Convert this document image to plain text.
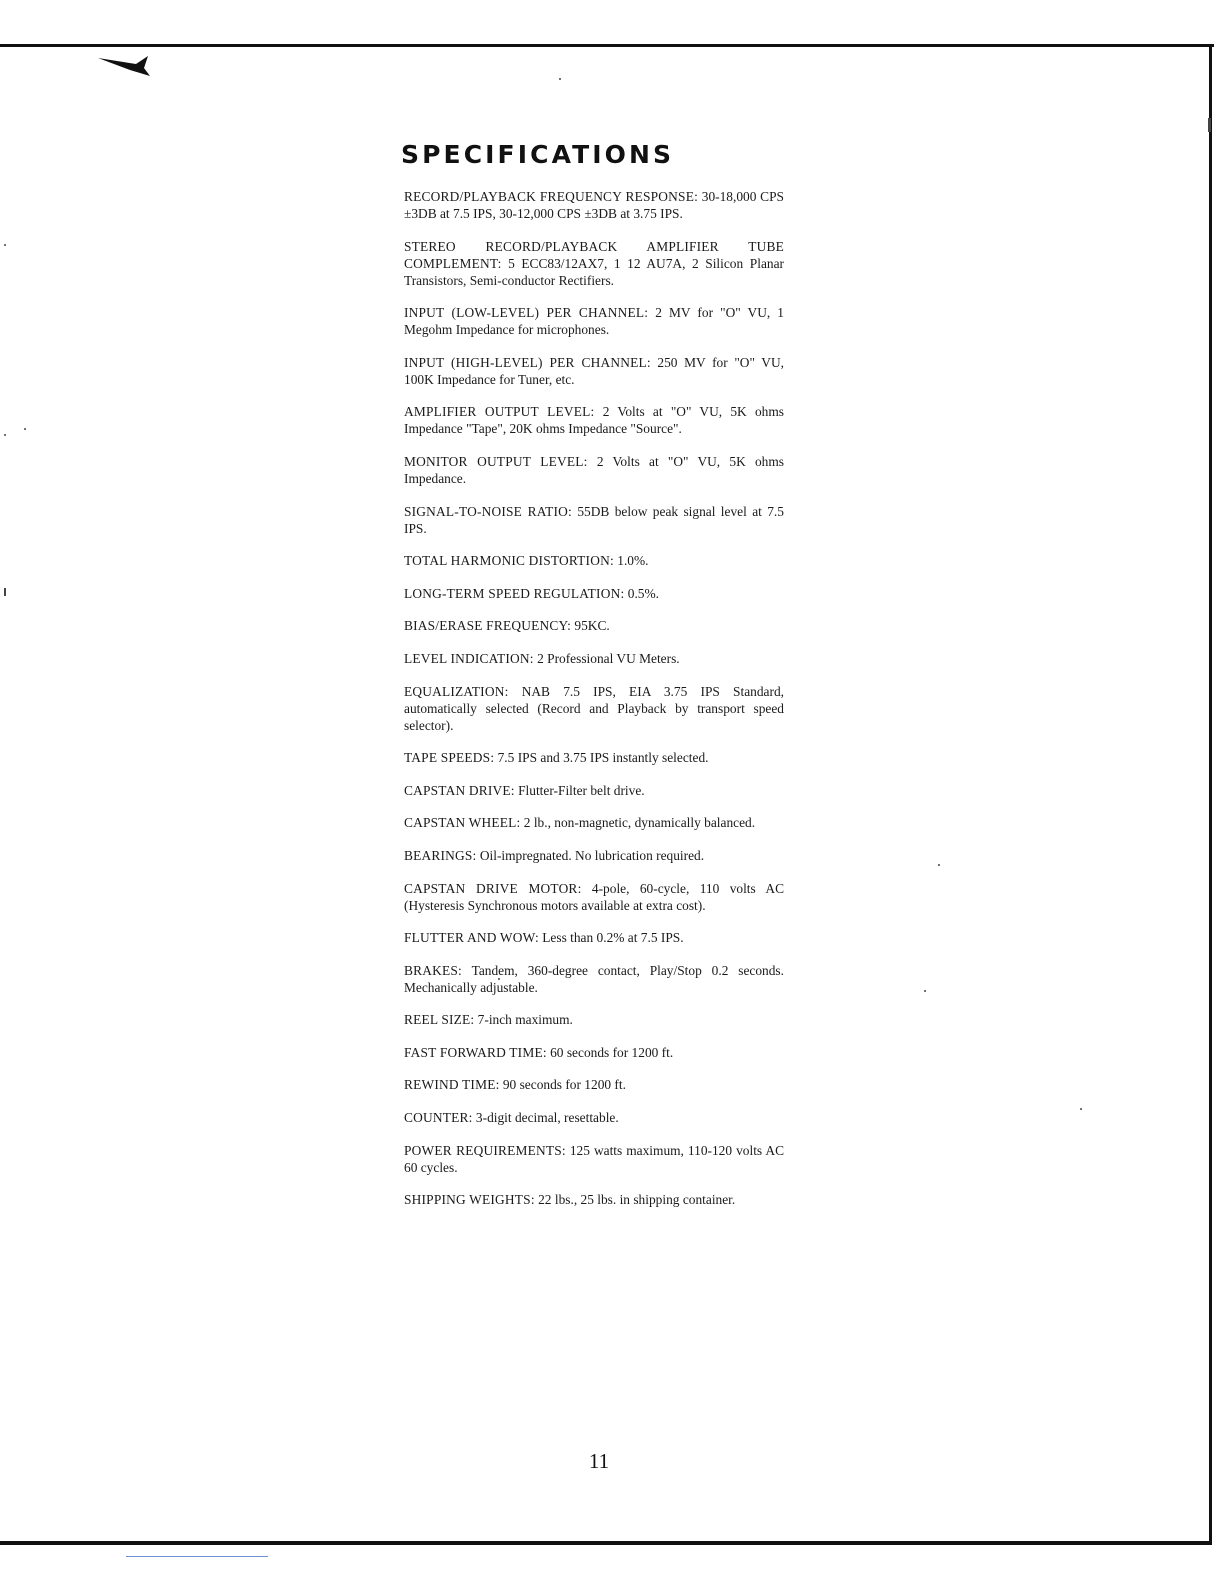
SPECIFICATIONS
RECORD/PLAYBACK FREQUENCY RESPONSE: 30-18,000 CPS ±3DB at 7.5 IPS, 30-12,000 CPS ±3DB at 3.75 IPS.
STEREO RECORD/PLAYBACK AMPLIFIER TUBE COMPLEMENT: 5 ECC83/12AX7, 1 12 AU7A, 2 Silicon Planar Transistors, Semi-conductor Rectifiers.
INPUT (LOW-LEVEL) PER CHANNEL: 2 MV for "O" VU, 1 Megohm Impedance for microphones.
INPUT (HIGH-LEVEL) PER CHANNEL: 250 MV for "O" VU, 100K Impedance for Tuner, etc.
AMPLIFIER OUTPUT LEVEL: 2 Volts at "O" VU, 5K ohms Impedance "Tape", 20K ohms Impedance "Source".
MONITOR OUTPUT LEVEL: 2 Volts at "O" VU, 5K ohms Impedance.
SIGNAL-TO-NOISE RATIO: 55DB below peak signal level at 7.5 IPS.
TOTAL HARMONIC DISTORTION: 1.0%.
LONG-TERM SPEED REGULATION: 0.5%.
BIAS/ERASE FREQUENCY: 95KC.
LEVEL INDICATION: 2 Professional VU Meters.
EQUALIZATION: NAB 7.5 IPS, EIA 3.75 IPS Standard, automatically selected (Record and Playback by transport speed selector).
TAPE SPEEDS: 7.5 IPS and 3.75 IPS instantly selected.
CAPSTAN DRIVE: Flutter-Filter belt drive.
CAPSTAN WHEEL: 2 lb., non-magnetic, dynamically balanced.
BEARINGS: Oil-impregnated. No lubrication required.
CAPSTAN DRIVE MOTOR: 4-pole, 60-cycle, 110 volts AC (Hysteresis Synchronous motors available at extra cost).
FLUTTER AND WOW: Less than 0.2% at 7.5 IPS.
BRAKES: Tandem, 360-degree contact, Play/Stop 0.2 seconds. Mechanically adjustable.
REEL SIZE: 7-inch maximum.
FAST FORWARD TIME: 60 seconds for 1200 ft.
REWIND TIME: 90 seconds for 1200 ft.
COUNTER: 3-digit decimal, resettable.
POWER REQUIREMENTS: 125 watts maximum, 110-120 volts AC 60 cycles.
SHIPPING WEIGHTS: 22 lbs., 25 lbs. in shipping container.
11
